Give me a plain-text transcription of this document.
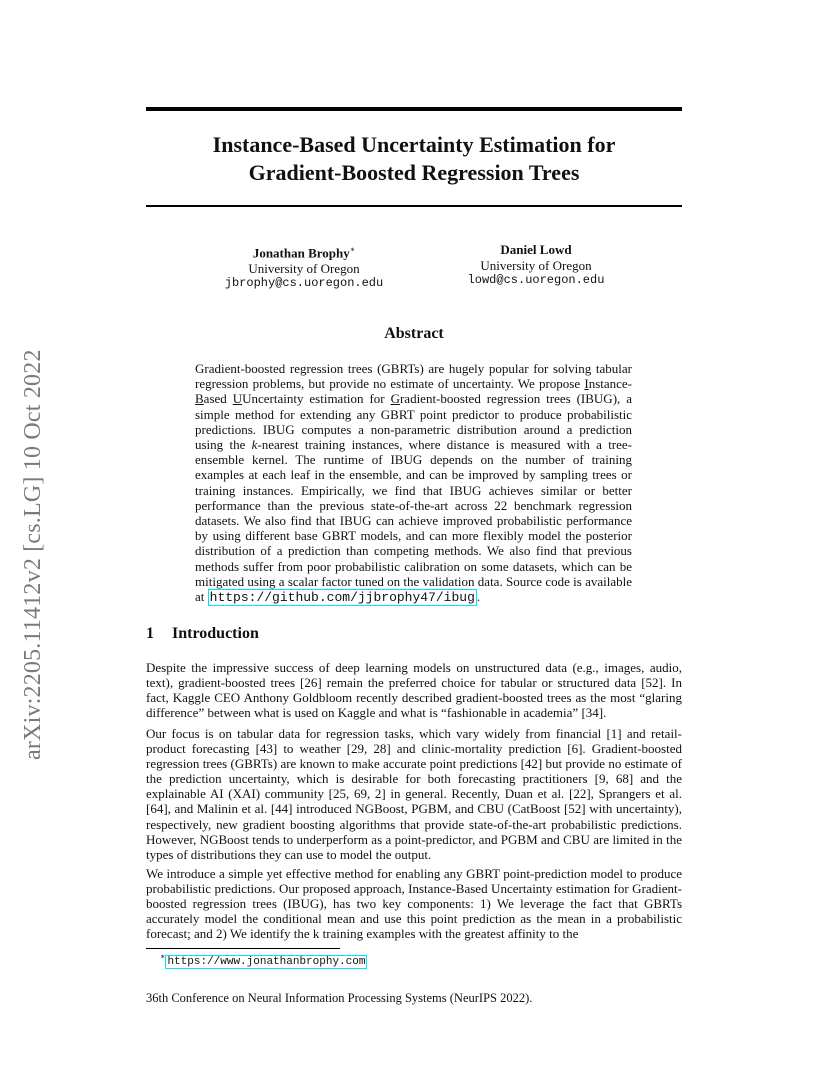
arXiv:2205.11412v2 [cs.LG] 10 Oct 2022
Instance-Based Uncertainty Estimation for
Gradient-Boosted Regression Trees
Jonathan Brophy∗
University of Oregon
jbrophy@cs.uoregon.edu
Daniel Lowd
University of Oregon
lowd@cs.uoregon.edu
Abstract
Gradient-boosted regression trees (GBRTs) are hugely popular for solving tabular regression problems, but provide no estimate of uncertainty. We propose Instance-Based UUncertainty estimation for Gradient-boosted regression trees (IBUG), a simple method for extending any GBRT point predictor to produce probabilistic predictions. IBUG computes a non-parametric distribution around a prediction using the k-nearest training instances, where distance is measured with a tree-ensemble kernel. The runtime of IBUG depends on the number of training examples at each leaf in the ensemble, and can be improved by sampling trees or training instances. Empirically, we find that IBUG achieves similar or better performance than the previous state-of-the-art across 22 benchmark regression datasets. We also find that IBUG can achieve improved probabilistic performance by using different base GBRT models, and can more flexibly model the posterior distribution of a prediction than competing methods. We also find that previous methods suffer from poor probabilistic calibration on some datasets, which can be mitigated using a scalar factor tuned on the validation data. Source code is available at https://github.com/jjbrophy47/ibug .
1 Introduction
Despite the impressive success of deep learning models on unstructured data (e.g., images, audio, text), gradient-boosted trees [26] remain the preferred choice for tabular or structured data [52]. In fact, Kaggle CEO Anthony Goldbloom recently described gradient-boosted trees as the most “glaring difference” between what is used on Kaggle and what is “fashionable in academia” [34].
Our focus is on tabular data for regression tasks, which vary widely from financial [1] and retail-product forecasting [43] to weather [29, 28] and clinic-mortality prediction [6]. Gradient-boosted regression trees (GBRTs) are known to make accurate point predictions [42] but provide no estimate of the prediction uncertainty, which is desirable for both forecasting practitioners [9, 68] and the explainable AI (XAI) community [25, 69, 2] in general. Recently, Duan et al. [22], Sprangers et al. [64], and Malinin et al. [44] introduced NGBoost, PGBM, and CBU (CatBoost [52] with uncertainty), respectively, new gradient boosting algorithms that provide state-of-the-art probabilistic predictions. However, NGBoost tends to underperform as a point-predictor, and PGBM and CBU are limited in the types of distributions they can use to model the output.
We introduce a simple yet effective method for enabling any GBRT point-prediction model to produce probabilistic predictions. Our proposed approach, Instance-Based Uncertainty estimation for Gradient-boosted regression trees (IBUG), has two key components: 1) We leverage the fact that GBRTs accurately model the conditional mean and use this point prediction as the mean in a probabilistic forecast; and 2) We identify the k training examples with the greatest affinity to the
∗ https://www.jonathanbrophy.com
36th Conference on Neural Information Processing Systems (NeurIPS 2022).
